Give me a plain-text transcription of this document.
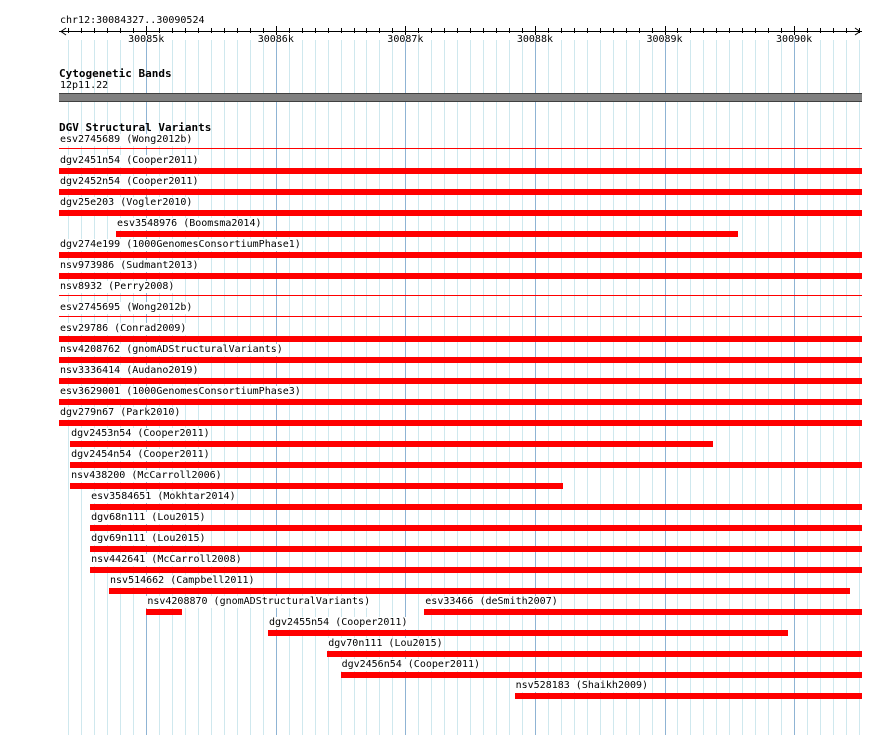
chr12:30084327..30090524
30085k	30086k	30087k	30088k	30089k	30090k
Cytogenetic Bands
12p11.22
DGV Structural Variants
esv2745689 (Wong2012b)
dgv2451n54 (Cooper2011)
dgv2452n54 (Cooper2011)
dgv25e203 (Vogler2010)
esv3548976 (Boomsma2014)
dgv274e199 (1000GenomesConsortiumPhase1)
nsv973986 (Sudmant2013)
nsv8932 (Perry2008)
esv2745695 (Wong2012b)
esv29786 (Conrad2009)
nsv4208762 (gnomADStructuralVariants)
nsv3336414 (Audano2019)
esv3629001 (1000GenomesConsortiumPhase3)
dgv279n67 (Park2010)
dgv2453n54 (Cooper2011)
dgv2454n54 (Cooper2011)
nsv438200 (McCarroll2006)
esv3584651 (Mokhtar2014)
dgv68n111 (Lou2015)
dgv69n111 (Lou2015)
nsv442641 (McCarroll2008)
nsv514662 (Campbell2011)
nsv4208870 (gnomADStructuralVariants)	esv33466 (deSmith2007)
dgv2455n54 (Cooper2011)
dgv70n111 (Lou2015)
dgv2456n54 (Cooper2011)
nsv528183 (Shaikh2009)
